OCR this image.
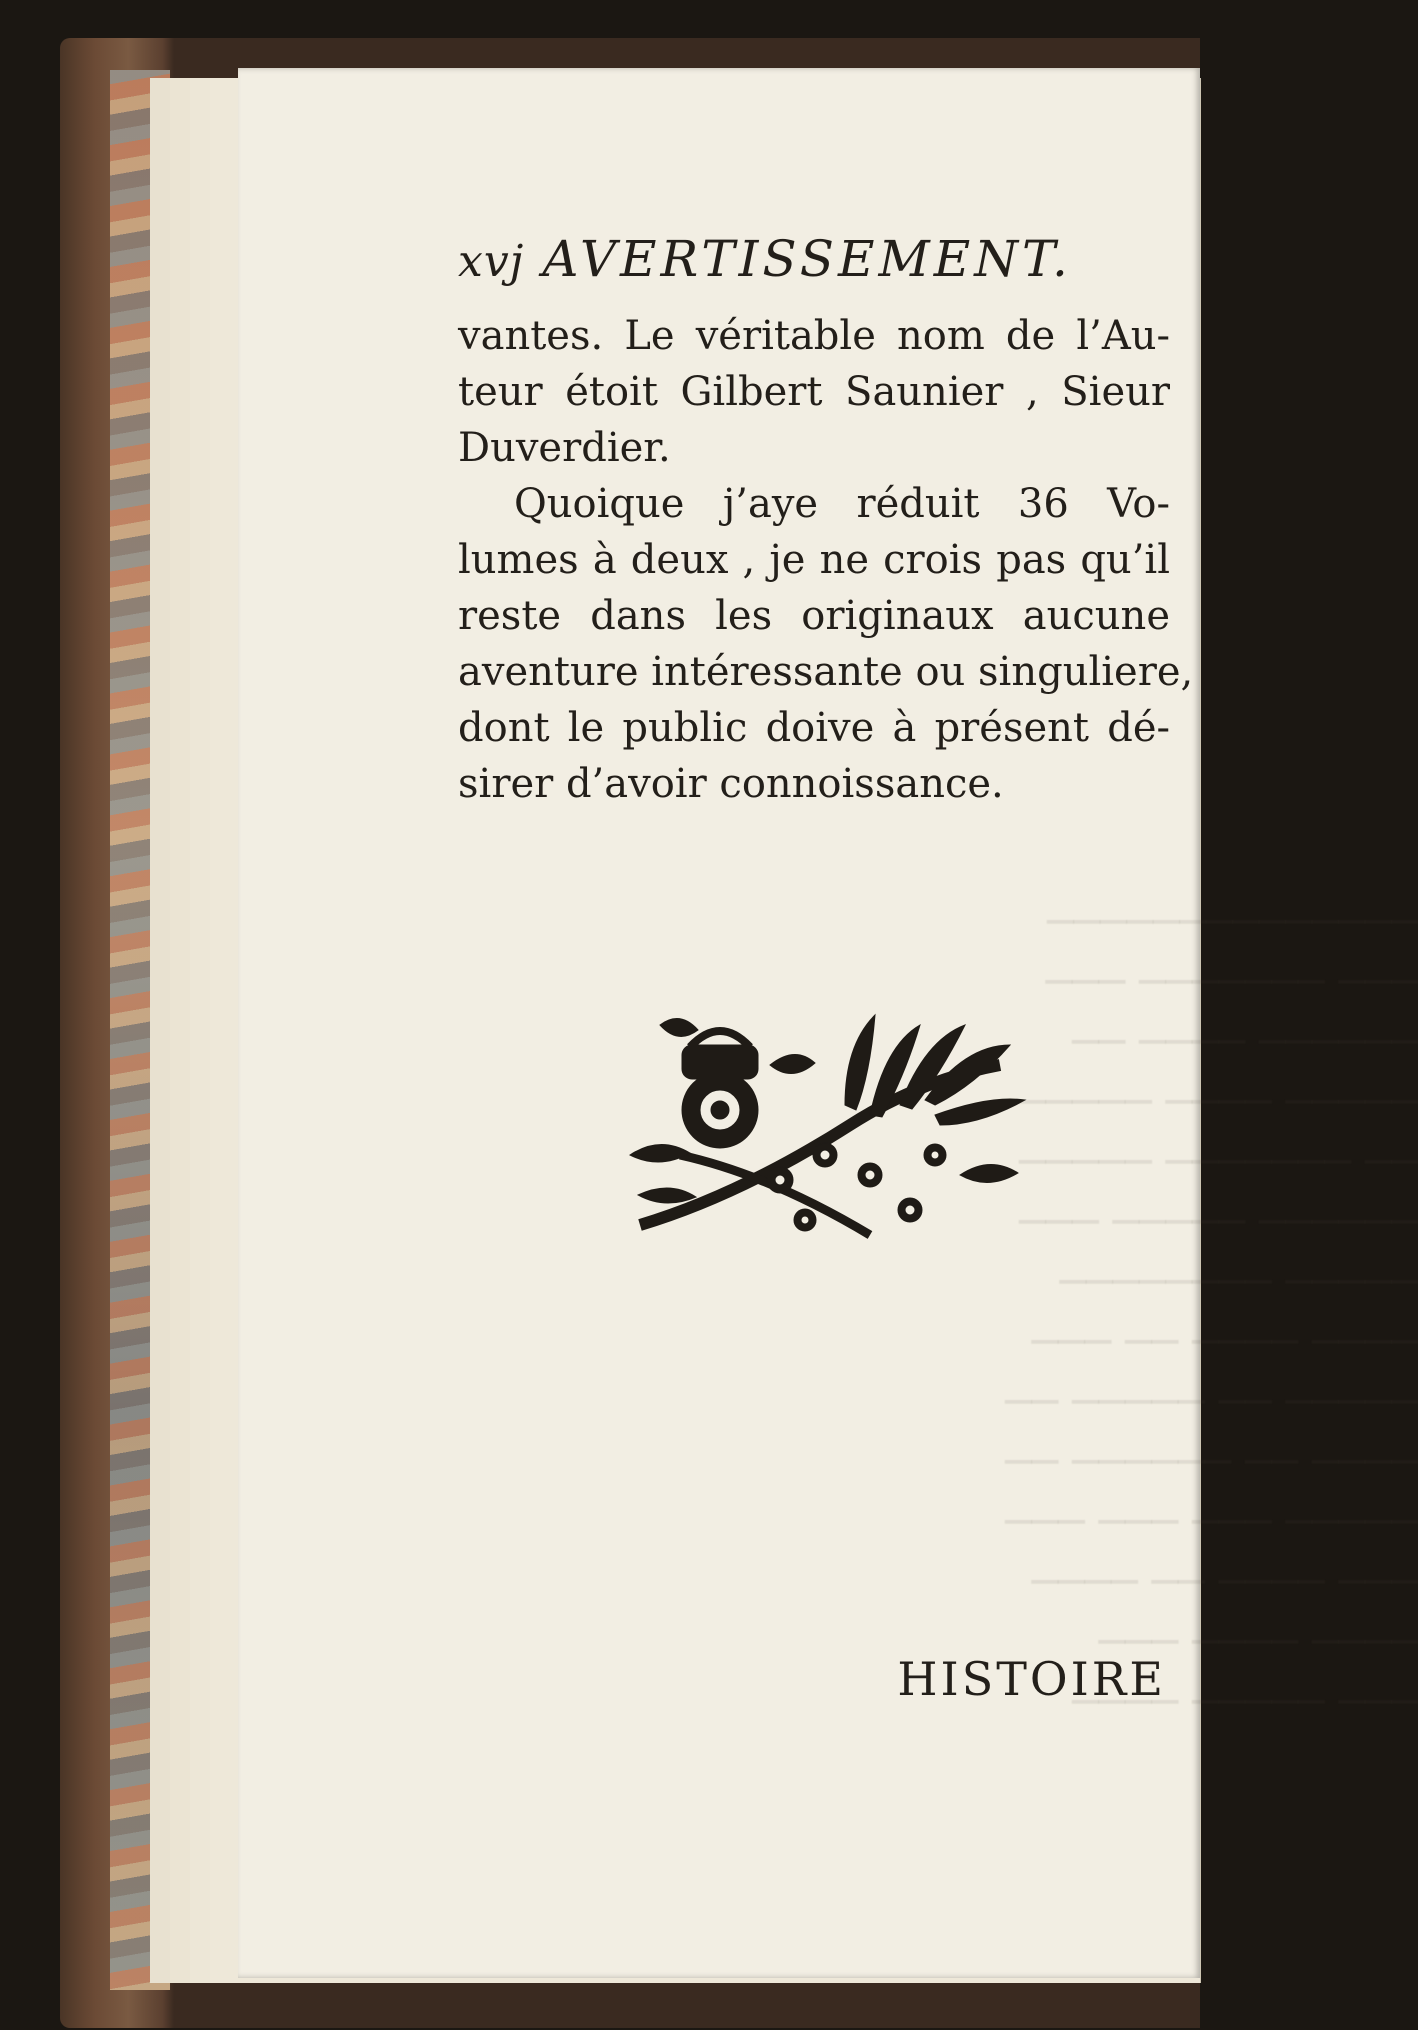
──────────────
─── ─────── ───
────── ──── ──
───── ──── ─────
── ─────── ─────
────── ───── ───
───── ────────
──── ──── ── ───
───── ── ───── ──
──── ── ────── ──
───── ─── ─── ───
─── ──── ── ────
──── ──── ───
─── ───── ────
xvj AVERTISSEMENT.

vantes. Le véritable nom de l’Au-
teur étoit Gilbert Saunier , Sieur
Duverdier.

Quoique j’aye réduit 36 Vo-
lumes à deux , je ne crois pas qu’il
reste dans les originaux aucune
aventure intéressante ou singuliere,
dont le public doive à présent dé-
sirer d’avoir connoissance.

HISTOIRE
